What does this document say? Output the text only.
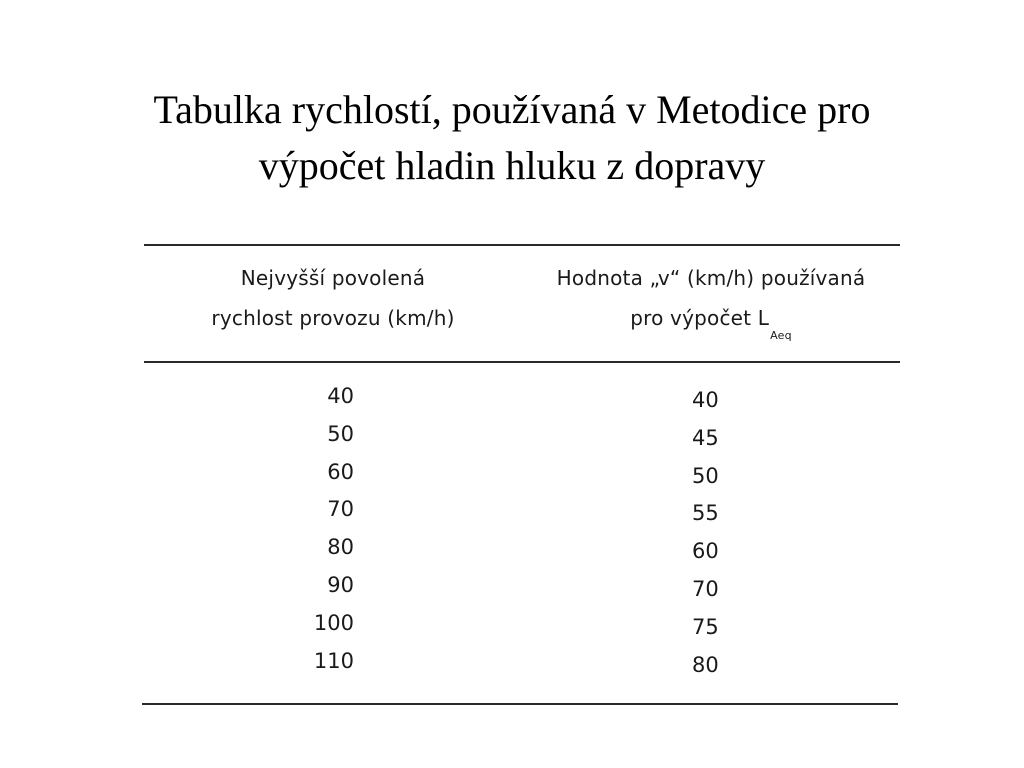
Tabulka rychlostí, používaná v Metodice pro
výpočet hladin hluku z dopravy
Nejvyšší povolená
rychlost provozu (km/h)
Hodnota „v“ (km/h) používaná
pro výpočet $L_{Aeq}$
40
50
60
70
80
90
100
110
40
45
50
55
60
70
75
80
